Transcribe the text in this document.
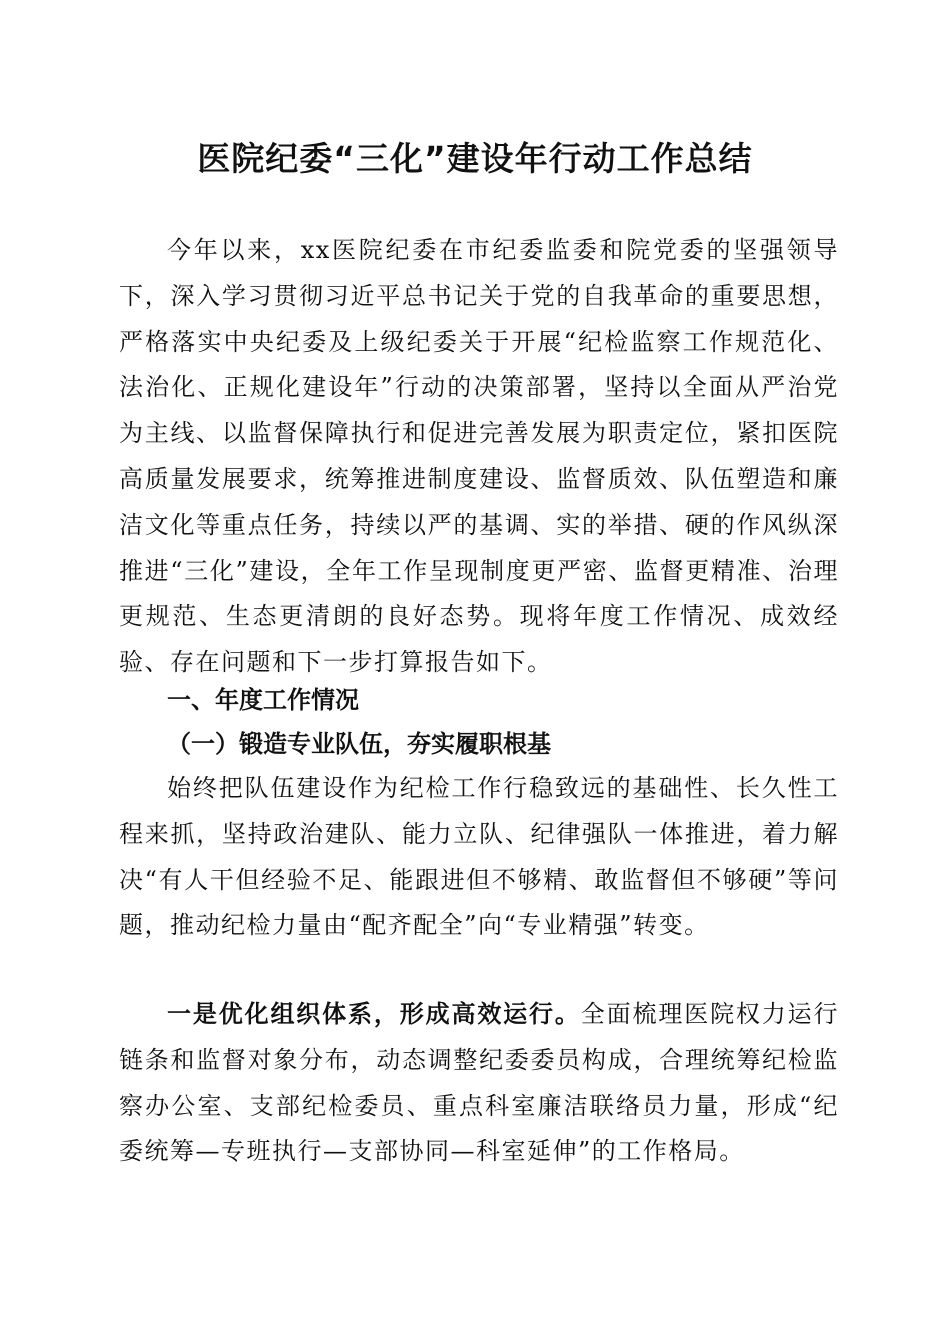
医院纪委“三化”建设年行动工作总结

今年以来，xx医院纪委在市纪委监委和院党委的坚强领导下，深入学习贯彻习近平总书记关于党的自我革命的重要思想，严格落实中央纪委及上级纪委关于开展“纪检监察工作规范化、法治化、正规化建设年”行动的决策部署，坚持以全面从严治党为主线、以监督保障执行和促进完善发展为职责定位，紧扣医院高质量发展要求，统筹推进制度建设、监督质效、队伍塑造和廉洁文化等重点任务，持续以严的基调、实的举措、硬的作风纵深推进“三化”建设，全年工作呈现制度更严密、监督更精准、治理更规范、生态更清朗的良好态势。现将年度工作情况、成效经验、存在问题和下一步打算报告如下。

一、年度工作情况
（一）锻造专业队伍，夯实履职根基

始终把队伍建设作为纪检工作行稳致远的基础性、长久性工程来抓，坚持政治建队、能力立队、纪律强队一体推进，着力解决“有人干但经验不足、能跟进但不够精、敢监督但不够硬”等问题，推动纪检力量由“配齐配全”向“专业精强”转变。

一是优化组织体系，形成高效运行。全面梳理医院权力运行链条和监督对象分布，动态调整纪委委员构成，合理统筹纪检监察办公室、支部纪检委员、重点科室廉洁联络员力量，形成“纪委统筹—专班执行—支部协同—科室延伸”的工作格局。
